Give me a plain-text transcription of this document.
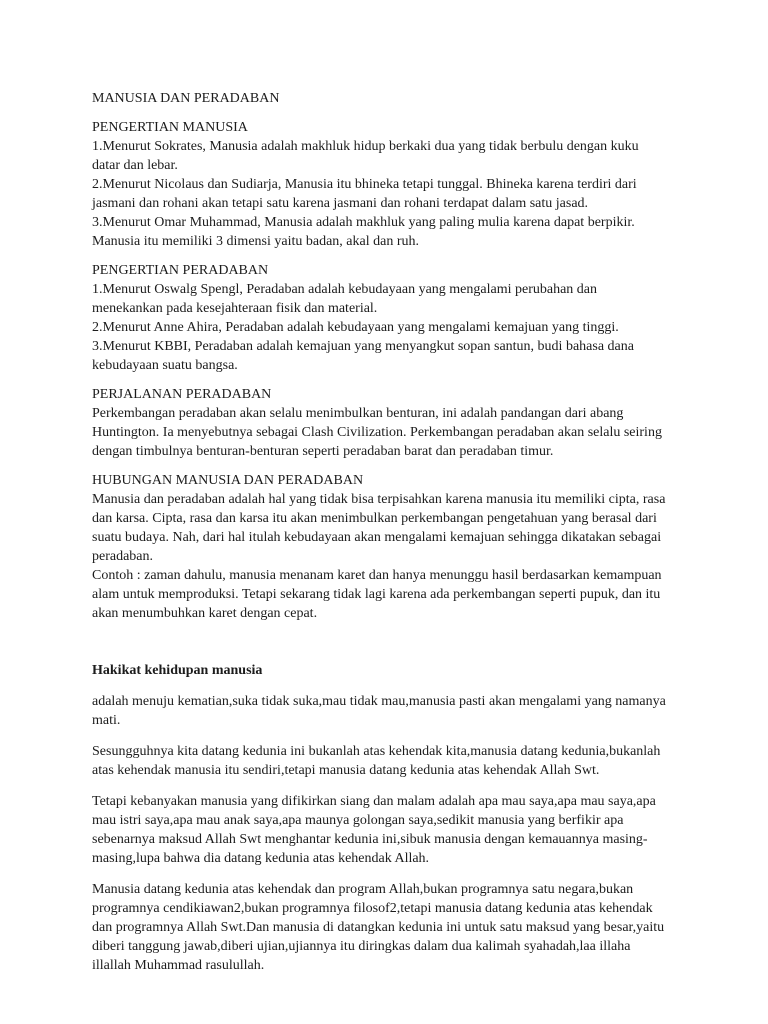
MANUSIA DAN PERADABAN

PENGERTIAN MANUSIA

1.Menurut Sokrates, Manusia adalah makhluk hidup berkaki dua yang tidak berbulu dengan kuku

datar dan lebar.

2.Menurut Nicolaus dan Sudiarja, Manusia itu bhineka tetapi tunggal. Bhineka karena terdiri dari

jasmani dan rohani akan tetapi satu karena jasmani dan rohani terdapat dalam satu jasad.

3.Menurut Omar Muhammad, Manusia adalah makhluk yang paling mulia karena dapat berpikir.

Manusia itu memiliki 3 dimensi yaitu badan, akal dan ruh.

PENGERTIAN PERADABAN

1.Menurut Oswalg Spengl, Peradaban adalah kebudayaan yang mengalami perubahan dan

menekankan pada kesejahteraan fisik dan material.

2.Menurut Anne Ahira, Peradaban adalah kebudayaan yang mengalami kemajuan yang tinggi.

3.Menurut KBBI, Peradaban adalah kemajuan yang menyangkut sopan santun, budi bahasa dana

kebudayaan suatu bangsa.

PERJALANAN PERADABAN

Perkembangan peradaban akan selalu menimbulkan benturan, ini adalah pandangan dari abang

Huntington. Ia menyebutnya sebagai Clash Civilization. Perkembangan peradaban akan selalu seiring

dengan timbulnya benturan-benturan seperti peradaban barat dan peradaban timur.

HUBUNGAN MANUSIA DAN PERADABAN

Manusia dan peradaban adalah hal yang tidak bisa terpisahkan karena manusia itu memiliki cipta, rasa

dan karsa. Cipta, rasa dan karsa itu akan menimbulkan perkembangan pengetahuan yang berasal dari

suatu budaya. Nah, dari hal itulah kebudayaan akan mengalami kemajuan sehingga dikatakan sebagai

peradaban.

Contoh : zaman dahulu, manusia menanam karet dan hanya menunggu hasil berdasarkan kemampuan

alam untuk memproduksi. Tetapi sekarang tidak lagi karena ada perkembangan seperti pupuk, dan itu

akan menumbuhkan karet dengan cepat.

Hakikat kehidupan manusia

adalah menuju kematian,suka tidak suka,mau tidak mau,manusia pasti akan mengalami yang namanya

mati.

Sesungguhnya kita datang kedunia ini bukanlah atas kehendak kita,manusia datang kedunia,bukanlah

atas kehendak manusia itu sendiri,tetapi manusia datang kedunia atas kehendak Allah Swt.

Tetapi kebanyakan manusia yang difikirkan siang dan malam adalah apa mau saya,apa mau saya,apa

mau istri saya,apa mau anak saya,apa maunya golongan saya,sedikit manusia yang berfikir apa

sebenarnya maksud Allah Swt menghantar kedunia ini,sibuk manusia dengan kemauannya masing-

masing,lupa bahwa dia datang kedunia atas kehendak Allah.

Manusia datang kedunia atas kehendak dan program Allah,bukan programnya satu negara,bukan

programnya cendikiawan2,bukan programnya filosof2,tetapi manusia datang kedunia atas kehendak

dan programnya Allah Swt.Dan manusia di datangkan kedunia ini untuk satu maksud yang besar,yaitu

diberi tanggung jawab,diberi ujian,ujiannya itu diringkas dalam dua kalimah syahadah,laa illaha

illallah Muhammad rasulullah.
